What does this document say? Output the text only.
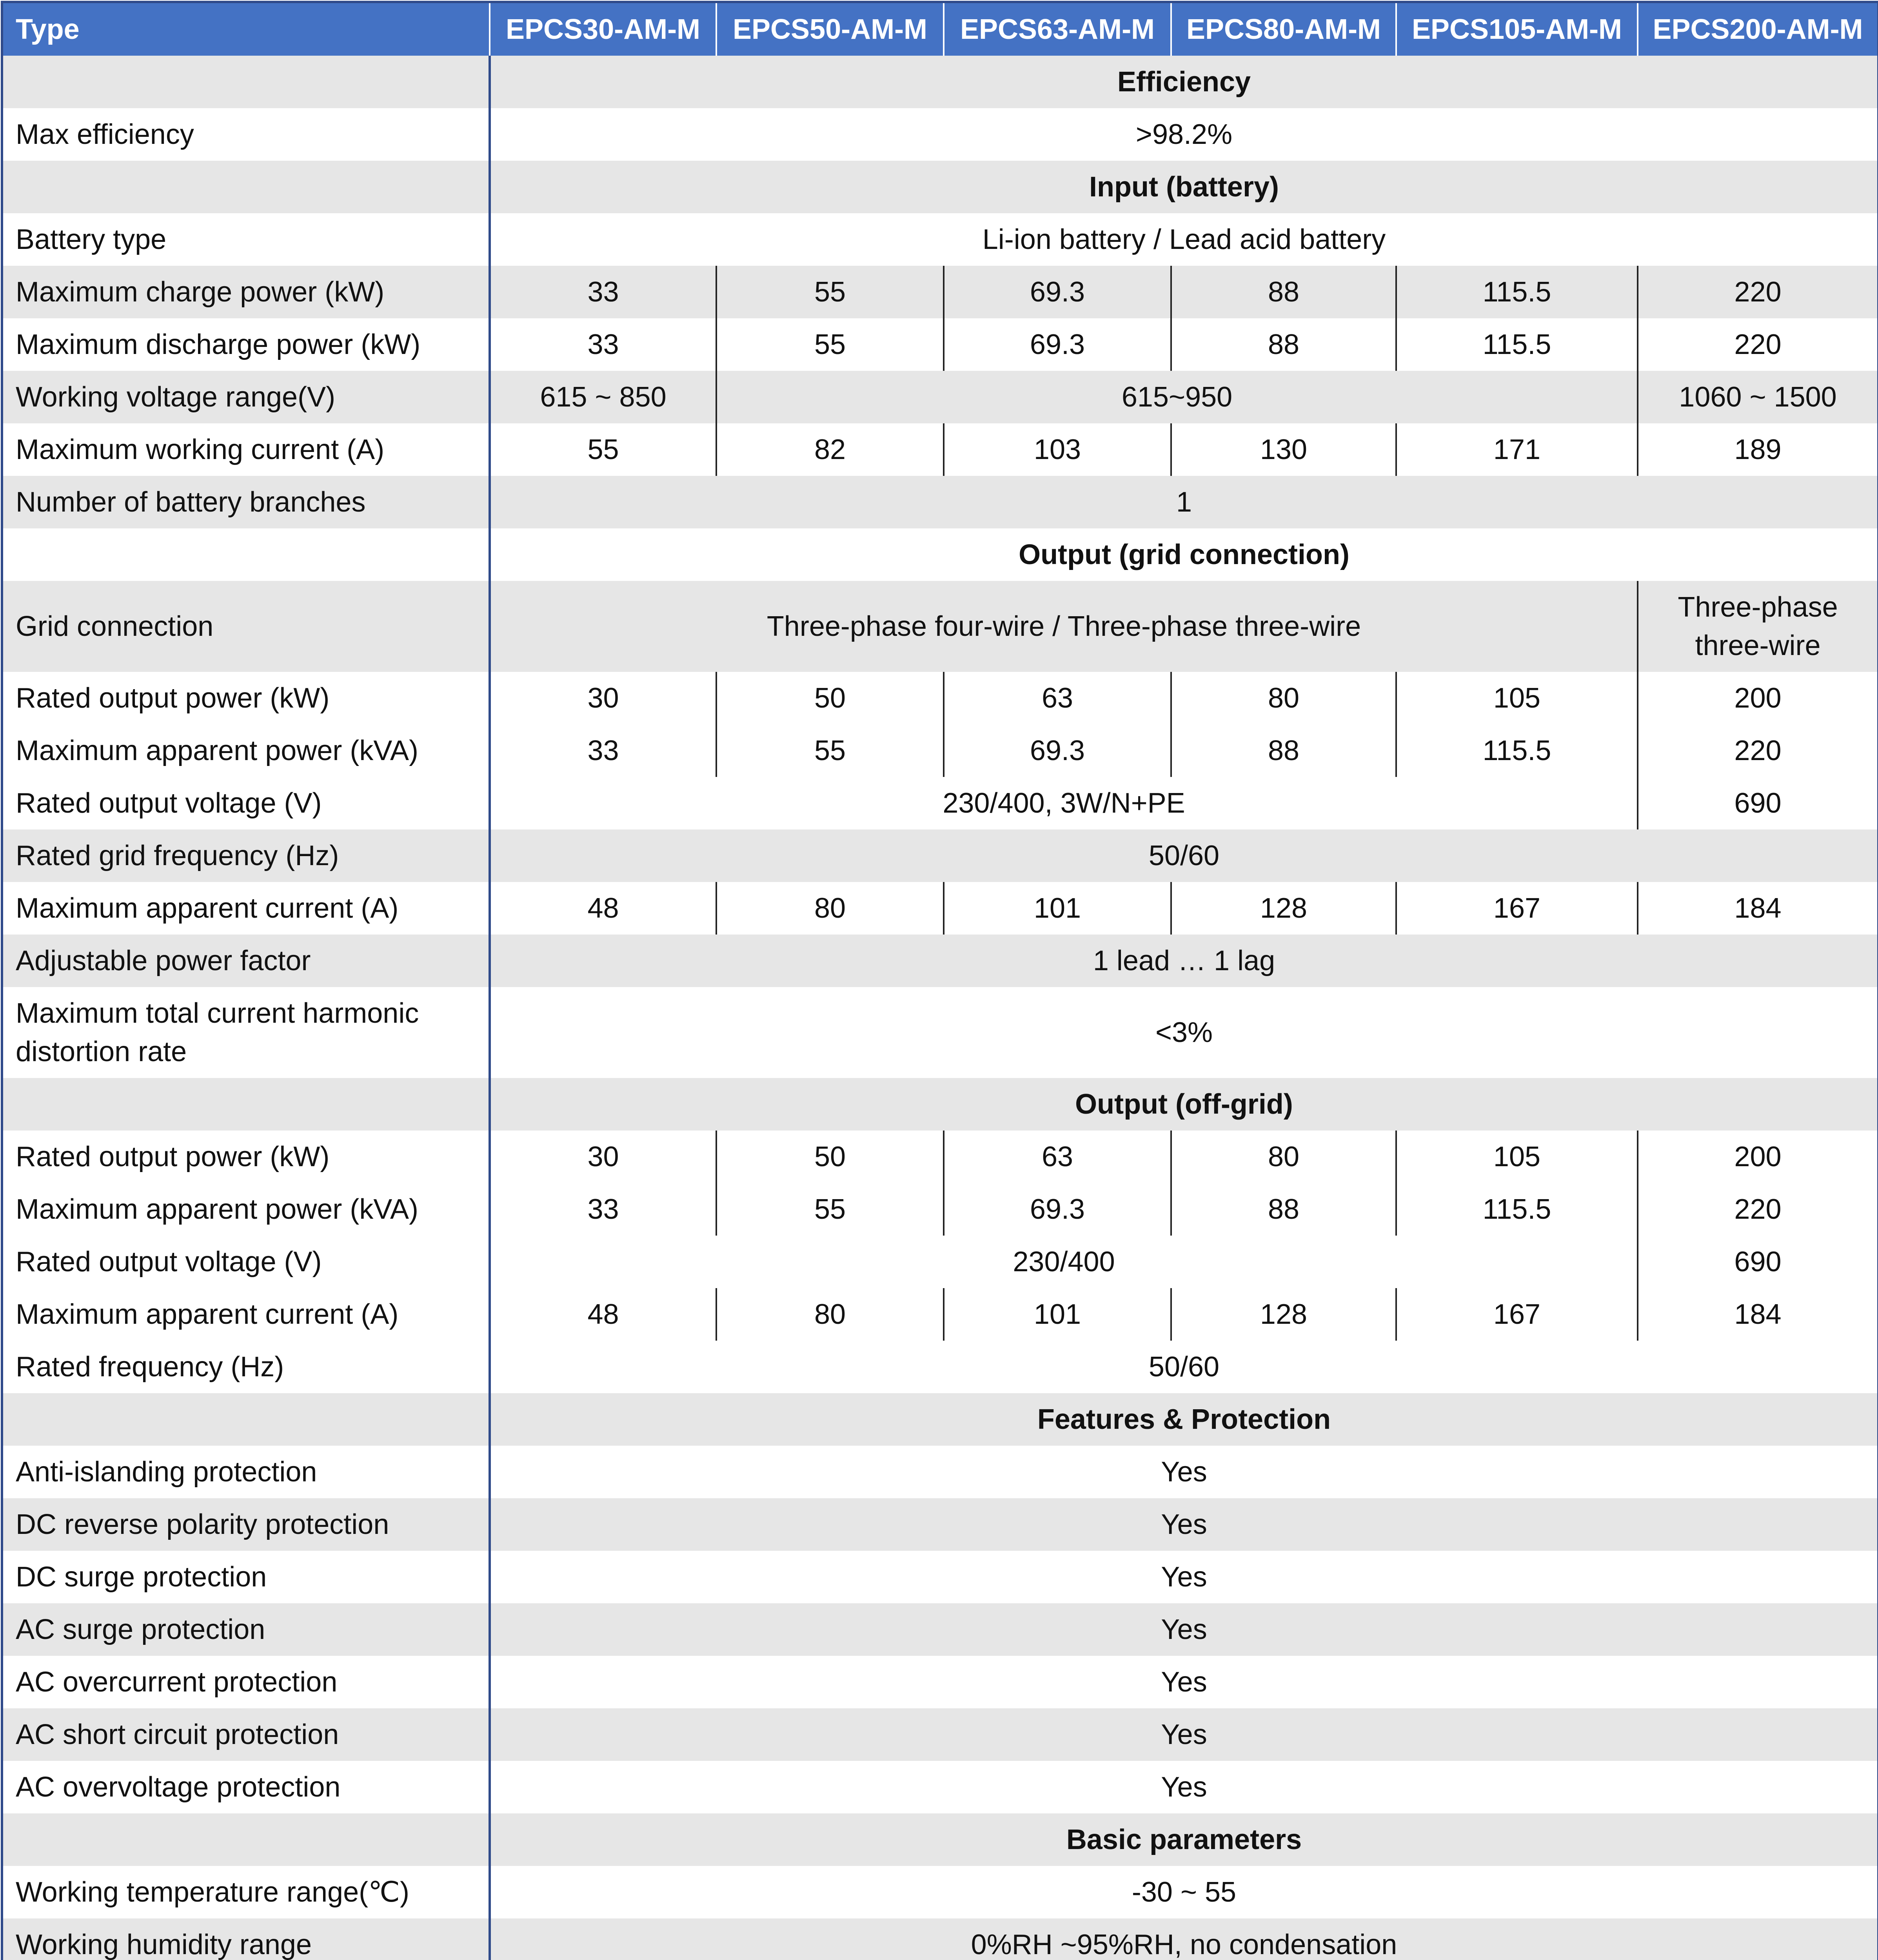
Type	EPCS30-AM-M	EPCS50-AM-M	EPCS63-AM-M	EPCS80-AM-M	EPCS105-AM-M	EPCS200-AM-M
	Efficiency					
Max efficiency	>98.2%					
	Input (battery)					
Battery type	Li-ion battery / Lead acid battery					
Maximum charge power (kW)	33	55	69.3	88	115.5	220
Maximum discharge power (kW)	33	55	69.3	88	115.5	220
Working voltage range(V)	615 ~ 850	615~950				1060 ~ 1500
Maximum working current (A)	55	82	103	130	171	189
Number of battery branches	1					
	Output (grid connection)					
Grid connection	Three-phase four-wire / Three-phase three-wire					Three-phase three-wire
Rated output power (kW)	30	50	63	80	105	200
Maximum apparent power (kVA)	33	55	69.3	88	115.5	220
Rated output voltage (V)	230/400, 3W/N+PE					690
Rated grid frequency (Hz)	50/60					
Maximum apparent current (A)	48	80	101	128	167	184
Adjustable power factor	1 lead … 1 lag					
Maximum total current harmonic distortion rate	<3%					
	Output (off-grid)					
Rated output power (kW)	30	50	63	80	105	200
Maximum apparent power (kVA)	33	55	69.3	88	115.5	220
Rated output voltage (V)	230/400					690
Maximum apparent current (A)	48	80	101	128	167	184
Rated frequency (Hz)	50/60					
	Features & Protection					
Anti-islanding protection	Yes					
DC reverse polarity protection	Yes					
DC surge protection	Yes					
AC surge protection	Yes					
AC overcurrent protection	Yes					
AC short circuit protection	Yes					
AC overvoltage protection	Yes					
	Basic parameters					
Working temperature range(℃)	-30 ~ 55					
Working humidity range	0%RH ~95%RH, no condensation					
